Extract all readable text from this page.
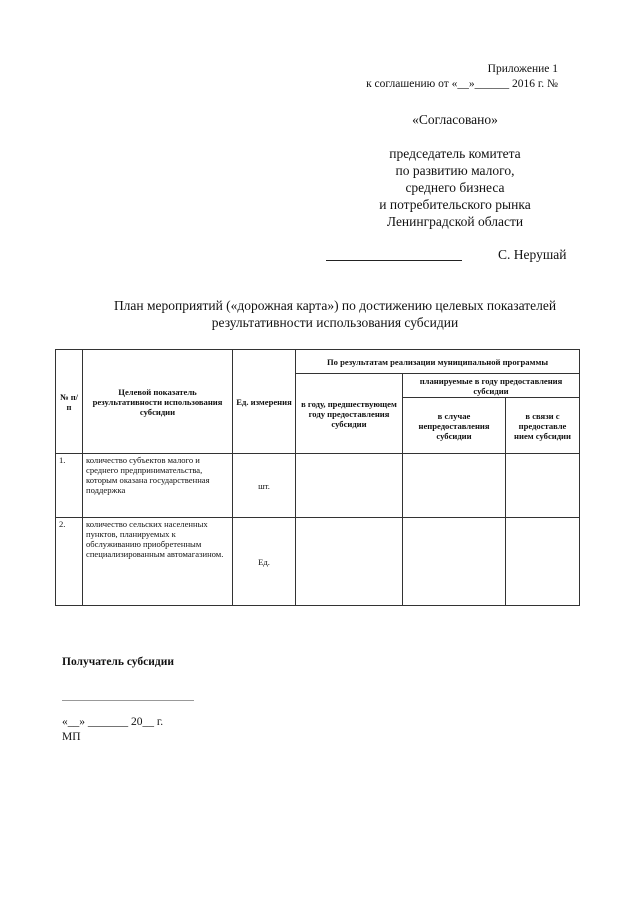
Приложение 1
к соглашению от «__»______ 2016 г. №
«Согласовано»
председатель комитета
по развитию малого,
среднего бизнеса
и потребительского рынка
Ленинградской области
С. Нерушай
План мероприятий («дорожная карта») по достижению целевых показателей
результативности использования субсидии
№ п/п	Целевой показатель результативности использования субсидии	Ед. измерения	По результатам реализации муниципальной программы		
			в году, предшествующем году предоставления субсидии	планируемые в году предоставления субсидии	
				в случае непредоставления субсидии	в связи с предоставле нием субсидии
1.	количество субъектов малого и среднего предпринимательства, которым оказана государственная поддержка	шт.			
2.	количество сельских населенных пунктов, планируемых к обслуживанию приобретенным специализированным автомагазином.	Ед.			
Получатель субсидии
«__» _______ 20__ г.
МП
